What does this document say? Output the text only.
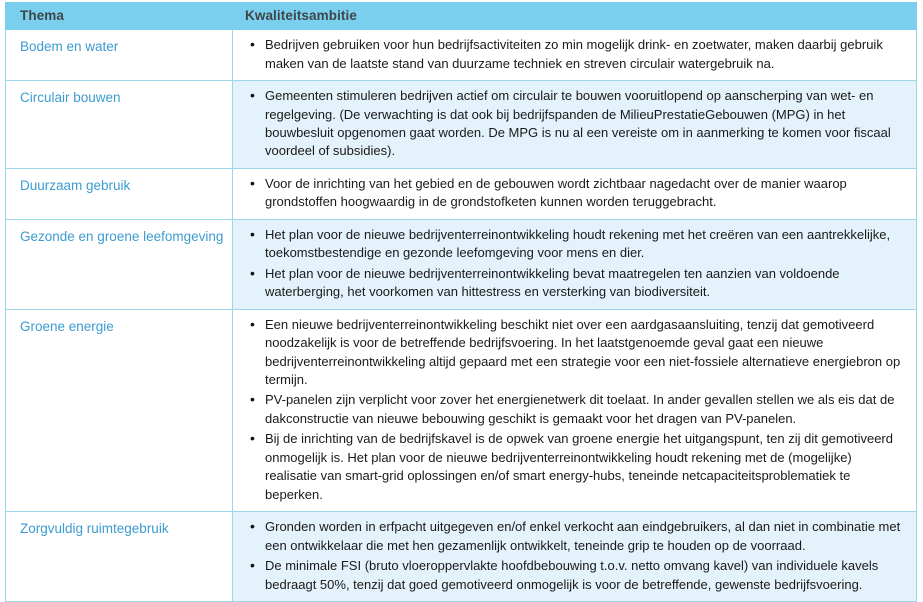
Thema	Kwaliteitsambitie
Bodem en water	
•Bedrijven gebruiken voor hun bedrijfsactiviteiten zo min mogelijk drink- en zoetwater, maken daarbij gebruik maken van de laatste stand van duurzame techniek en streven circulair watergebruik na.

Circulair bouwen	
•Gemeenten stimuleren bedrijven actief om circulair te bouwen vooruitlopend op aanscherping van wet- en regelgeving. (De verwachting is dat ook bij bedrijfspanden de MilieuPrestatieGebouwen (MPG) in het bouwbesluit opgenomen gaat worden. De MPG is nu al een vereiste om in aanmerking te komen voor fiscaal voordeel of subsidies).

Duurzaam gebruik	
•Voor de inrichting van het gebied en de gebouwen wordt zichtbaar nagedacht over de manier waarop grondstoffen hoogwaardig in de grondstofketen kunnen worden teruggebracht.

Gezonde en groene leefomgeving	
•Het plan voor de nieuwe bedrijventerreinontwikkeling houdt rekening met het creëren van een aantrekkelijke, toekomstbestendige en gezonde leefomgeving voor mens en dier.
• Het plan voor de nieuwe bedrijventerreinontwikkeling bevat maatregelen ten aanzien van voldoende waterberging, het voorkomen van hittestress en versterking van biodiversiteit.

Groene energie	
•Een nieuwe bedrijventerreinontwikkeling beschikt niet over een aardgasaansluiting, tenzij dat gemotiveerd noodzakelijk is voor de betreffende bedrijfsvoering. In het laatstgenoemde geval gaat een nieuwe bedrijventerreinontwikkeling altijd gepaard met een strategie voor een niet-fossiele alternatieve energiebron op termijn.
• PV-panelen zijn verplicht voor zover het energienetwerk dit toelaat. In ander gevallen stellen we als eis dat de dakconstructie van nieuwe bebouwing geschikt is gemaakt voor het dragen van PV-panelen.
• Bij de inrichting van de bedrijfskavel is de opwek van groene energie het uitgangspunt, ten zij dit gemotiveerd onmogelijk is. Het plan voor de nieuwe bedrijventerreinontwikkeling houdt rekening met de (mogelijke) realisatie van smart-grid oplossingen en/of smart energy-hubs, teneinde netcapaciteitsproblematiek te beperken.

Zorgvuldig ruimtegebruik	
•Gronden worden in erfpacht uitgegeven en/of enkel verkocht aan eindgebruikers, al dan niet in combinatie met een ontwikkelaar die met hen gezamenlijk ontwikkelt, teneinde grip te houden op de voorraad.
• De minimale FSI (bruto vloeroppervlakte hoofdbebouwing t.o.v. netto omvang kavel) van individuele kavels bedraagt 50%, tenzij dat goed gemotiveerd onmogelijk is voor de betreffende, gewenste bedrijfsvoering.
